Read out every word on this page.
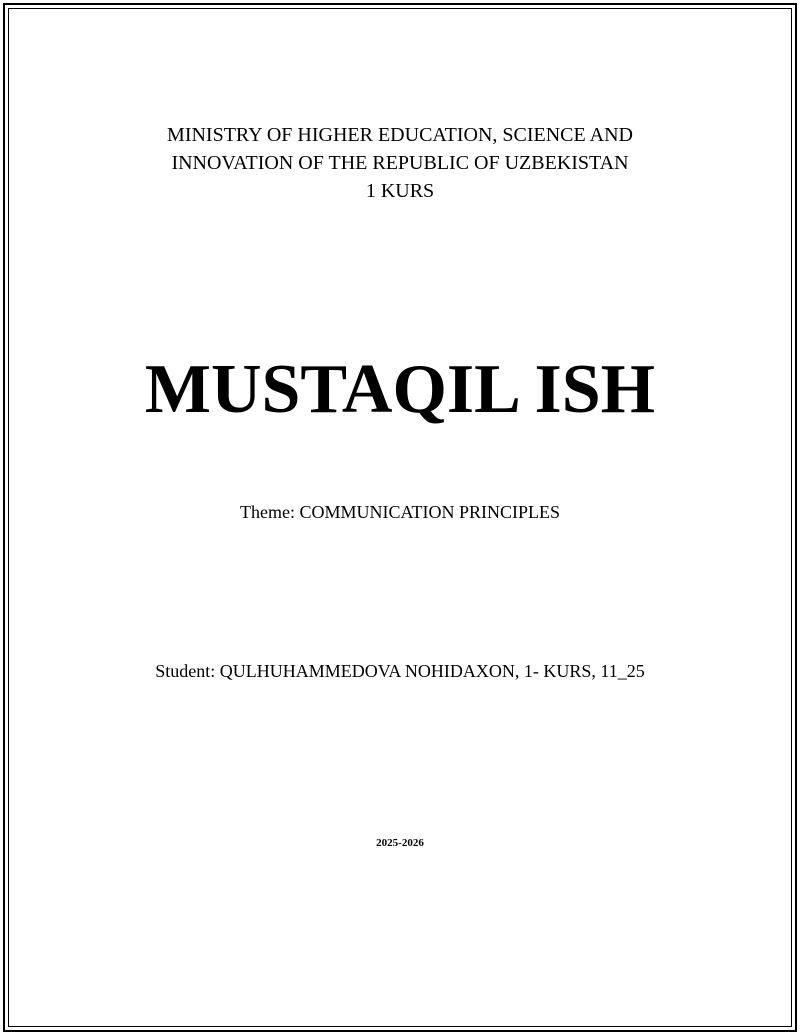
MINISTRY OF HIGHER EDUCATION, SCIENCE AND
INNOVATION OF THE REPUBLIC OF UZBEKISTAN
1 KURS
MUSTAQIL ISH
Theme: COMMUNICATION PRINCIPLES
Student: QULHUHAMMEDOVA NOHIDAXON, 1- KURS, 11_25
2025-2026
